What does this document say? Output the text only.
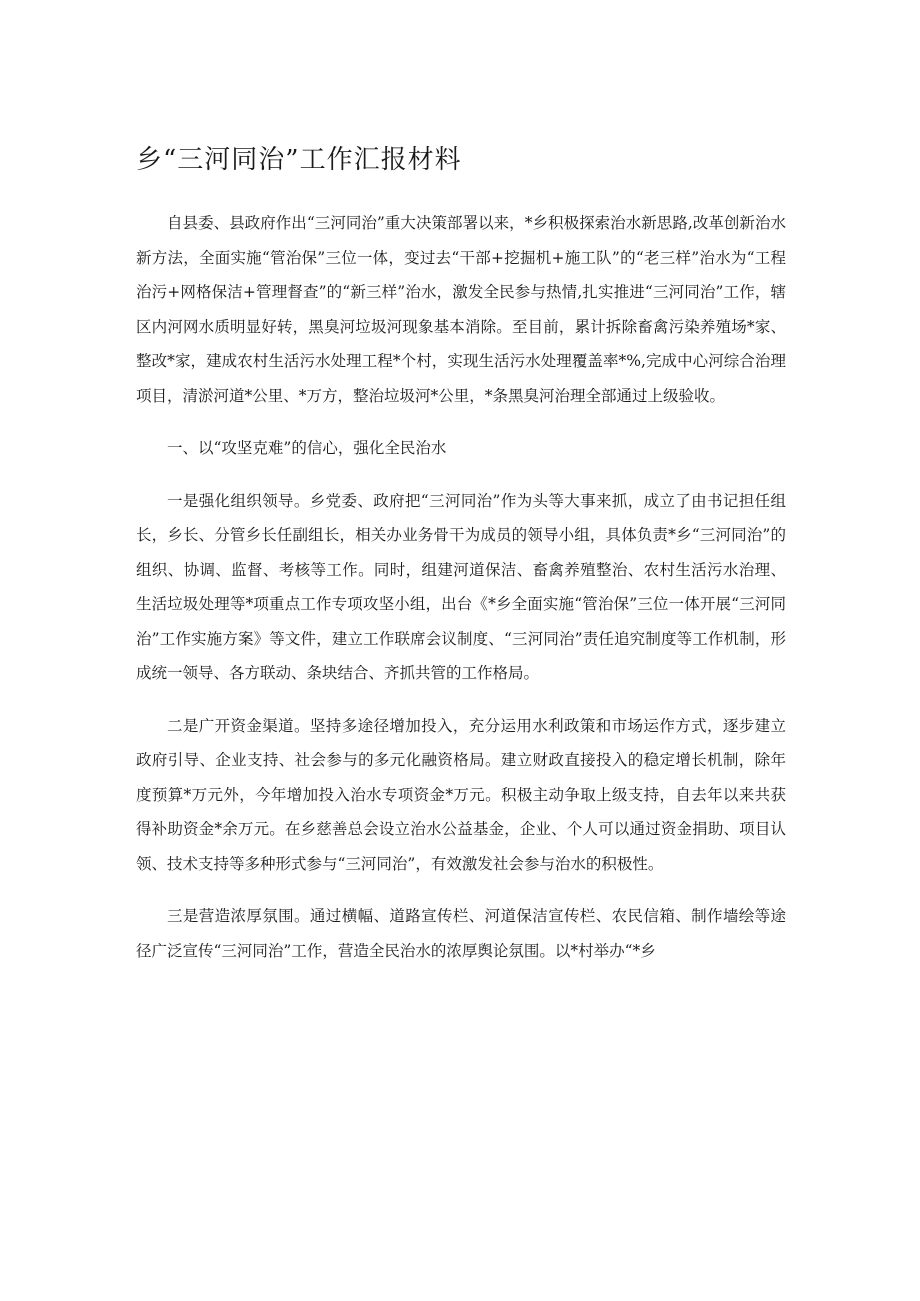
乡“三河同治”工作汇报材料

自县委、县政府作出“三河同治”重大决策部署以来，*乡积极探索治水新思路,改革创新治水新方法，全面实施“管治保”三位一体，变过去“干部+挖掘机+施工队”的“老三样”治水为“工程治污+网格保洁+管理督查”的“新三样”治水，激发全民参与热情,扎实推进“三河同治”工作，辖区内河网水质明显好转，黑臭河垃圾河现象基本消除。至目前，累计拆除畜禽污染养殖场*家、整改*家，建成农村生活污水处理工程*个村，实现生活污水处理覆盖率*%,完成中心河综合治理项目，清淤河道*公里、*万方，整治垃圾河*公里，*条黑臭河治理全部通过上级验收。

一、以“攻坚克难”的信心，强化全民治水

一是强化组织领导。乡党委、政府把“三河同治”作为头等大事来抓，成立了由书记担任组长，乡长、分管乡长任副组长，相关办业务骨干为成员的领导小组，具体负责*乡“三河同治”的组织、协调、监督、考核等工作。同时，组建河道保洁、畜禽养殖整治、农村生活污水治理、生活垃圾处理等*项重点工作专项攻坚小组，出台《*乡全面实施“管治保”三位一体开展“三河同治”工作实施方案》等文件，建立工作联席会议制度、“三河同治”责任追究制度等工作机制，形成统一领导、各方联动、条块结合、齐抓共管的工作格局。

二是广开资金渠道。坚持多途径增加投入，充分运用水利政策和市场运作方式，逐步建立政府引导、企业支持、社会参与的多元化融资格局。建立财政直接投入的稳定增长机制，除年度预算*万元外，今年增加投入治水专项资金*万元。积极主动争取上级支持，自去年以来共获得补助资金*余万元。在乡慈善总会设立治水公益基金，企业、个人可以通过资金捐助、项目认领、技术支持等多种形式参与“三河同治”，有效激发社会参与治水的积极性。

三是营造浓厚氛围。通过横幅、道路宣传栏、河道保洁宣传栏、农民信箱、制作墙绘等途径广泛宣传“三河同治”工作，营造全民治水的浓厚舆论氛围。以*村举办“*乡
